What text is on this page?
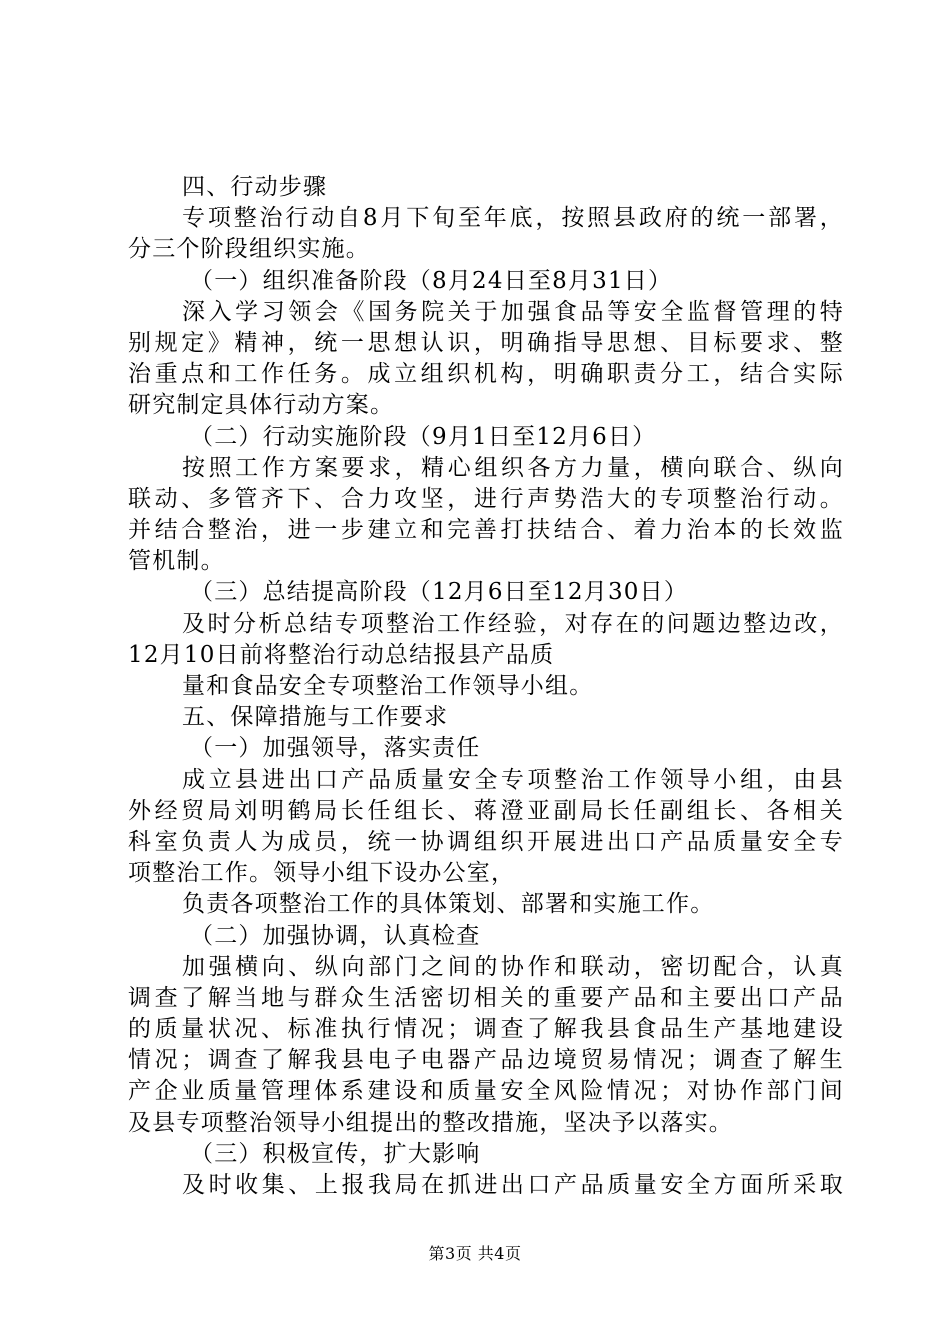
四、行动步骤
专项整治行动自8月下旬至年底，按照县政府的统一部署，
分三个阶段组织实施。
（一）组织准备阶段（8月24日至8月31日）
深入学习领会《国务院关于加强食品等安全监督管理的特
别规定》精神，统一思想认识，明确指导思想、目标要求、整
治重点和工作任务。成立组织机构，明确职责分工，结合实际
研究制定具体行动方案。
（二）行动实施阶段（9月1日至12月6日）
按照工作方案要求，精心组织各方力量，横向联合、纵向
联动、多管齐下、合力攻坚，进行声势浩大的专项整治行动。
并结合整治，进一步建立和完善打扶结合、着力治本的长效监
管机制。
（三）总结提高阶段（12月6日至12月30日）
及时分析总结专项整治工作经验，对存在的问题边整边改，
12月10日前将整治行动总结报县产品质
量和食品安全专项整治工作领导小组。
五、保障措施与工作要求
（一）加强领导，落实责任
成立县进出口产品质量安全专项整治工作领导小组，由县
外经贸局刘明鹤局长任组长、蒋澄亚副局长任副组长、各相关
科室负责人为成员，统一协调组织开展进出口产品质量安全专
项整治工作。领导小组下设办公室，
负责各项整治工作的具体策划、部署和实施工作。
（二）加强协调，认真检查
加强横向、纵向部门之间的协作和联动，密切配合，认真
调查了解当地与群众生活密切相关的重要产品和主要出口产品
的质量状况、标准执行情况；调查了解我县食品生产基地建设
情况；调查了解我县电子电器产品边境贸易情况；调查了解生
产企业质量管理体系建设和质量安全风险情况；对协作部门间
及县专项整治领导小组提出的整改措施，坚决予以落实。
（三）积极宣传，扩大影响
及时收集、上报我局在抓进出口产品质量安全方面所采取
第3页 共4页
